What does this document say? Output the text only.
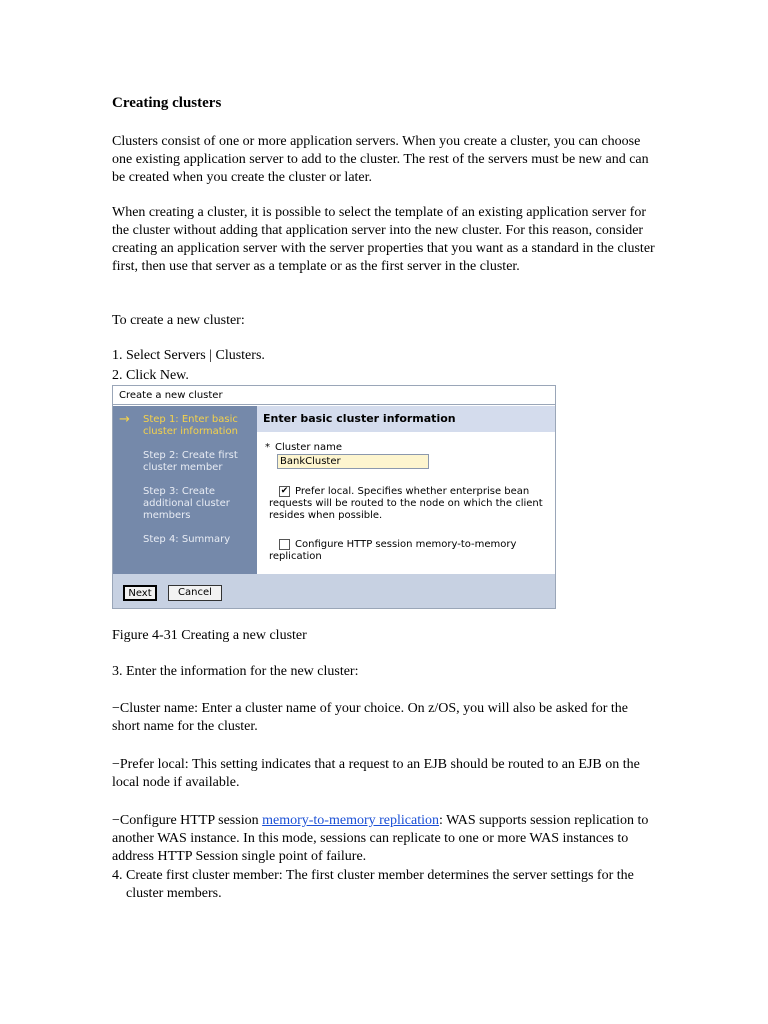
Creating clusters

Clusters consist of one or more application servers. When you create a cluster, you can choose one existing application server to add to the cluster. The rest of the servers must be new and can be created when you create the cluster or later.

When creating a cluster, it is possible to select the template of an existing application server for the cluster without adding that application server into the new cluster. For this reason, consider creating an application server with the server properties that you want as a standard in the cluster first, then use that server as a template or as the first server in the cluster.

To create a new cluster:

1. Select Servers | Clusters.

2. Click New.

Create a new cluster
→ Step 1: Enter basic cluster information
Step 2: Create first cluster member
Step 3: Create additional cluster members
Step 4: Summary
Enter basic cluster information
* Cluster name
BankCluster
Prefer local. Specifies whether enterprise bean requests will be routed to the node on which the client resides when possible.
✔
Configure HTTP session memory-to-memory replication
Next	Cancel

Figure 4-31 Creating a new cluster

3. Enter the information for the new cluster:

−Cluster name: Enter a cluster name of your choice. On z/OS, you will also be asked for the short name for the cluster.

−Prefer local: This setting indicates that a request to an EJB should be routed to an EJB on the local node if available.

−Configure HTTP session memory-to-memory replication: WAS supports session replication to another WAS instance. In this mode, sessions can replicate to one or more WAS instances to address HTTP Session single point of failure.

4. Create first cluster member: The first cluster member determines the server settings for the cluster members.
